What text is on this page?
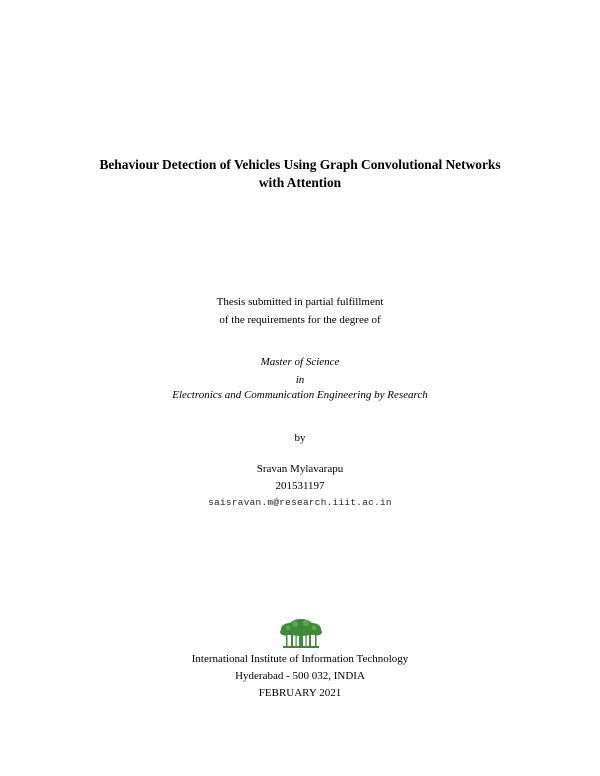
Behaviour Detection of Vehicles Using Graph Convolutional Networks
with Attention
Thesis submitted in partial fulfillment
of the requirements for the degree of
Master of Science
in
Electronics and Communication Engineering by Research
by
Sravan Mylavarapu
201531197
saisravan.m@research.iiit.ac.in
International Institute of Information Technology
Hyderabad - 500 032, INDIA
FEBRUARY 2021
